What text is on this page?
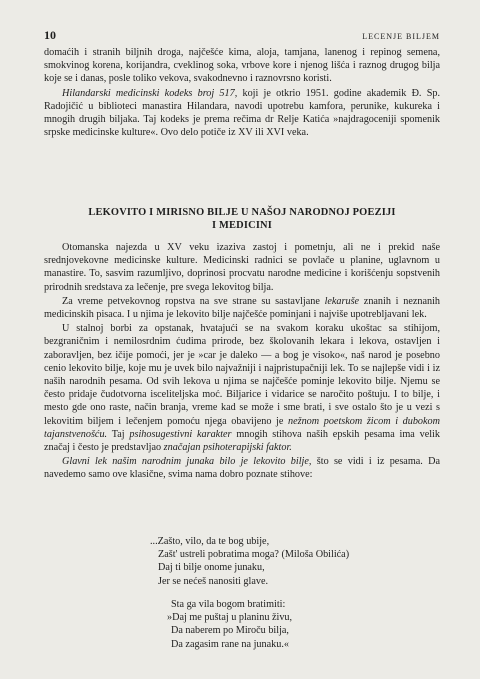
10	LECENJE BILJEM

domaćih i stranih biljnih droga, najčešće kima, aloja, tamjana, lanenog i repinog semena, smokvinog korena, korijandra, cveklinog soka, vrbove kore i njenog lišća i raznog drugog bilja koje se i danas, posle toliko vekova, svakodnevno i raznovrsno koristi.

Hilandarski medicinski kodeks broj 517, koji je otkrio 1951. godine akademik Đ. Sp. Radojičić u biblioteci manastira Hilandara, navodi upotrebu kamfora, perunike, kukureka i mnogih drugih biljaka. Taj kodeks je prema rečima dr Relje Katića »najdragoceniji spomenik srpske medicinske kulture«. Ovo delo potiče iz XV ili XVI veka.

LEKOVITO I MIRISNO BILJE U NAŠOJ NARODNOJ POEZIJI
I MEDICINI

Otomanska najezda u XV veku izaziva zastoj i pometnju, ali ne i prekid naše srednjovekovne medicinske kulture. Medicinski radnici se povlače u planine, uglavnom u manastire. To, sasvim razumljivo, doprinosi procvatu narodne medicine i korišćenju sopstvenih prirodnih sredstava za lečenje, pre svega lekovitog bilja.

Za vreme petvekovnog ropstva na sve strane su sastavljane lekaruše znanih i neznanih medicinskih pisaca. I u njima je lekovito bilje najčešće pominjani i najviše upotrebljavani lek.

U stalnoj borbi za opstanak, hvatajući se na svakom koraku ukoštac sa stihijom, bezgraničnim i nemilosrdnim ćudima prirode, bez školovanih lekara i lekova, ostavljen i zaboravljen, bez ičije pomoći, jer je »car je daleko — a bog je visoko«, naš narod je posebno cenio lekovito bilje, koje mu je uvek bilo najvažniji i najpristupačniji lek. To se najlepše vidi i iz naših narodnih pesama. Od svih lekova u njima se najčešće pominje lekovito bilje. Njemu se često pridaje čudotvorna isceliteljska moć. Biljarice i vidarice se naročito poštuju. I to bilje, i mesto gde ono raste, način branja, vreme kad se može i sme brati, i sve ostalo što je u vezi s lekovitim biljem i lečenjem pomoću njega obavijeno je nežnom poetskom žicom i dubokom tajanstvenošću. Taj psihosugestivni karakter mnogih stihova naših epskih pesama ima velik značaj i često je predstavljao značajan psihoterapijski faktor.

Glavni lek našim narodnim junaka bilo je lekovito bilje, što se vidi i iz pesama. Da navedemo samo ove klasične, svima nama dobro poznate stihove:

...Zašto, vilo, da te bog ubije,
Zašt' ustreli pobratima moga? (Miloša Obilića)
Daj ti bilje onome junaku,
Jer se nećeš nanositi glave.
Sta ga vila bogom bratimiti:
»Daj me puštaj u planinu živu,
Da naberem po Miroču bilja,
Da zagasim rane na junaku.«
